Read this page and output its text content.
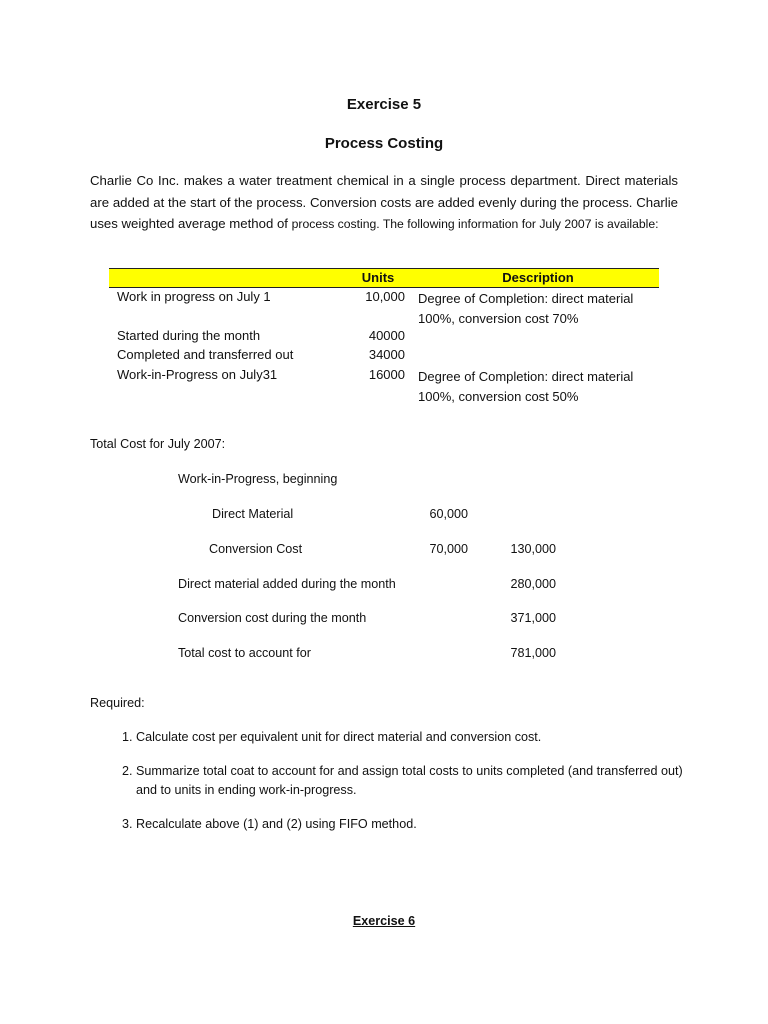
Exercise 5
Process Costing
Charlie Co Inc. makes a water treatment chemical in a single process department. Direct materials are added at the start of the process. Conversion costs are added evenly during the process. Charlie uses weighted average method of process costing. The following information for July 2007 is available:
Units	Description
Work in progress on July 1	10,000 Degree of Completion: direct material 100%, conversion cost 70%
Started during the month	40000
Completed and transferred out	34000
Work-in-Progress on July31	16000 Degree of Completion: direct material 100%, conversion cost 50%
Total Cost for July 2007:
Work-in-Progress, beginning
Direct Material	60,000
Conversion Cost	70,000	130,000
Direct material added during the month	280,000
Conversion cost during the month	371,000
Total cost to account for	781,000
Required:
1. Calculate cost per equivalent unit for direct material and conversion cost.
2. Summarize total coat to account for and assign total costs to units completed (and transferred out) and to units in ending work-in-progress.
3. Recalculate above (1) and (2) using FIFO method.
Exercise 6
